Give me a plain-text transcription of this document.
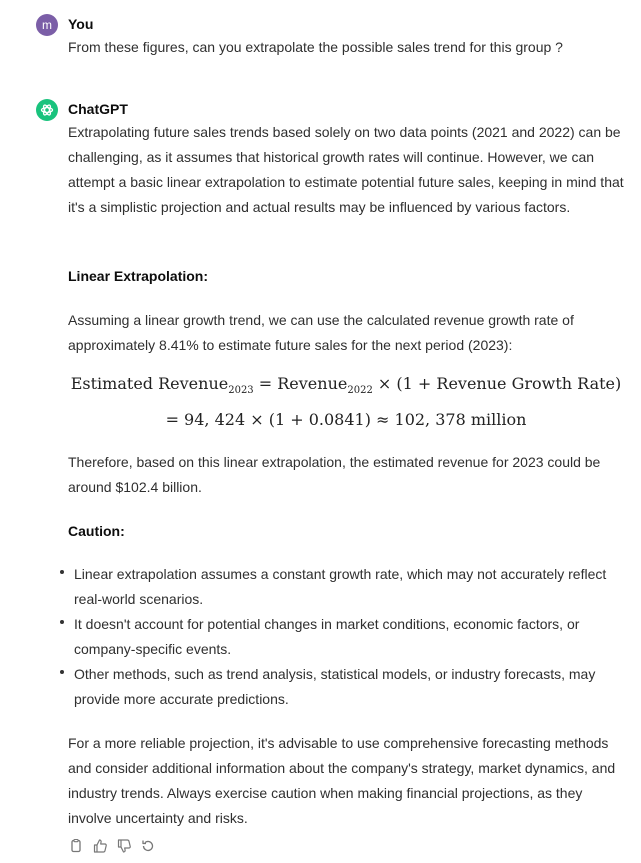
m You

From these figures, can you extrapolate the possible sales trend for this group ?

ChatGPT

Extrapolating future sales trends based solely on two data points (2021 and 2022) can be challenging, as it assumes that historical growth rates will continue. However, we can attempt a basic linear extrapolation to estimate potential future sales, keeping in mind that it's a simplistic projection and actual results may be influenced by various factors.

Linear Extrapolation:

Assuming a linear growth trend, we can use the calculated revenue growth rate of approximately 8.41% to estimate future sales for the next period (2023):

Estimated Revenue$_{2023}$ = Revenue$_{2022}$ × (1 + Revenue Growth Rate)
= 94, 424 × (1 + 0.0841) ≈ 102, 378 million

Therefore, based on this linear extrapolation, the estimated revenue for 2023 could be around $102.4 billion.

Caution:

Linear extrapolation assumes a constant growth rate, which may not accurately reflect real-world scenarios.

It doesn't account for potential changes in market conditions, economic factors, or company-specific events.

Other methods, such as trend analysis, statistical models, or industry forecasts, may provide more accurate predictions.

For a more reliable projection, it's advisable to use comprehensive forecasting methods and consider additional information about the company's strategy, market dynamics, and industry trends. Always exercise caution when making financial projections, as they involve uncertainty and risks.
